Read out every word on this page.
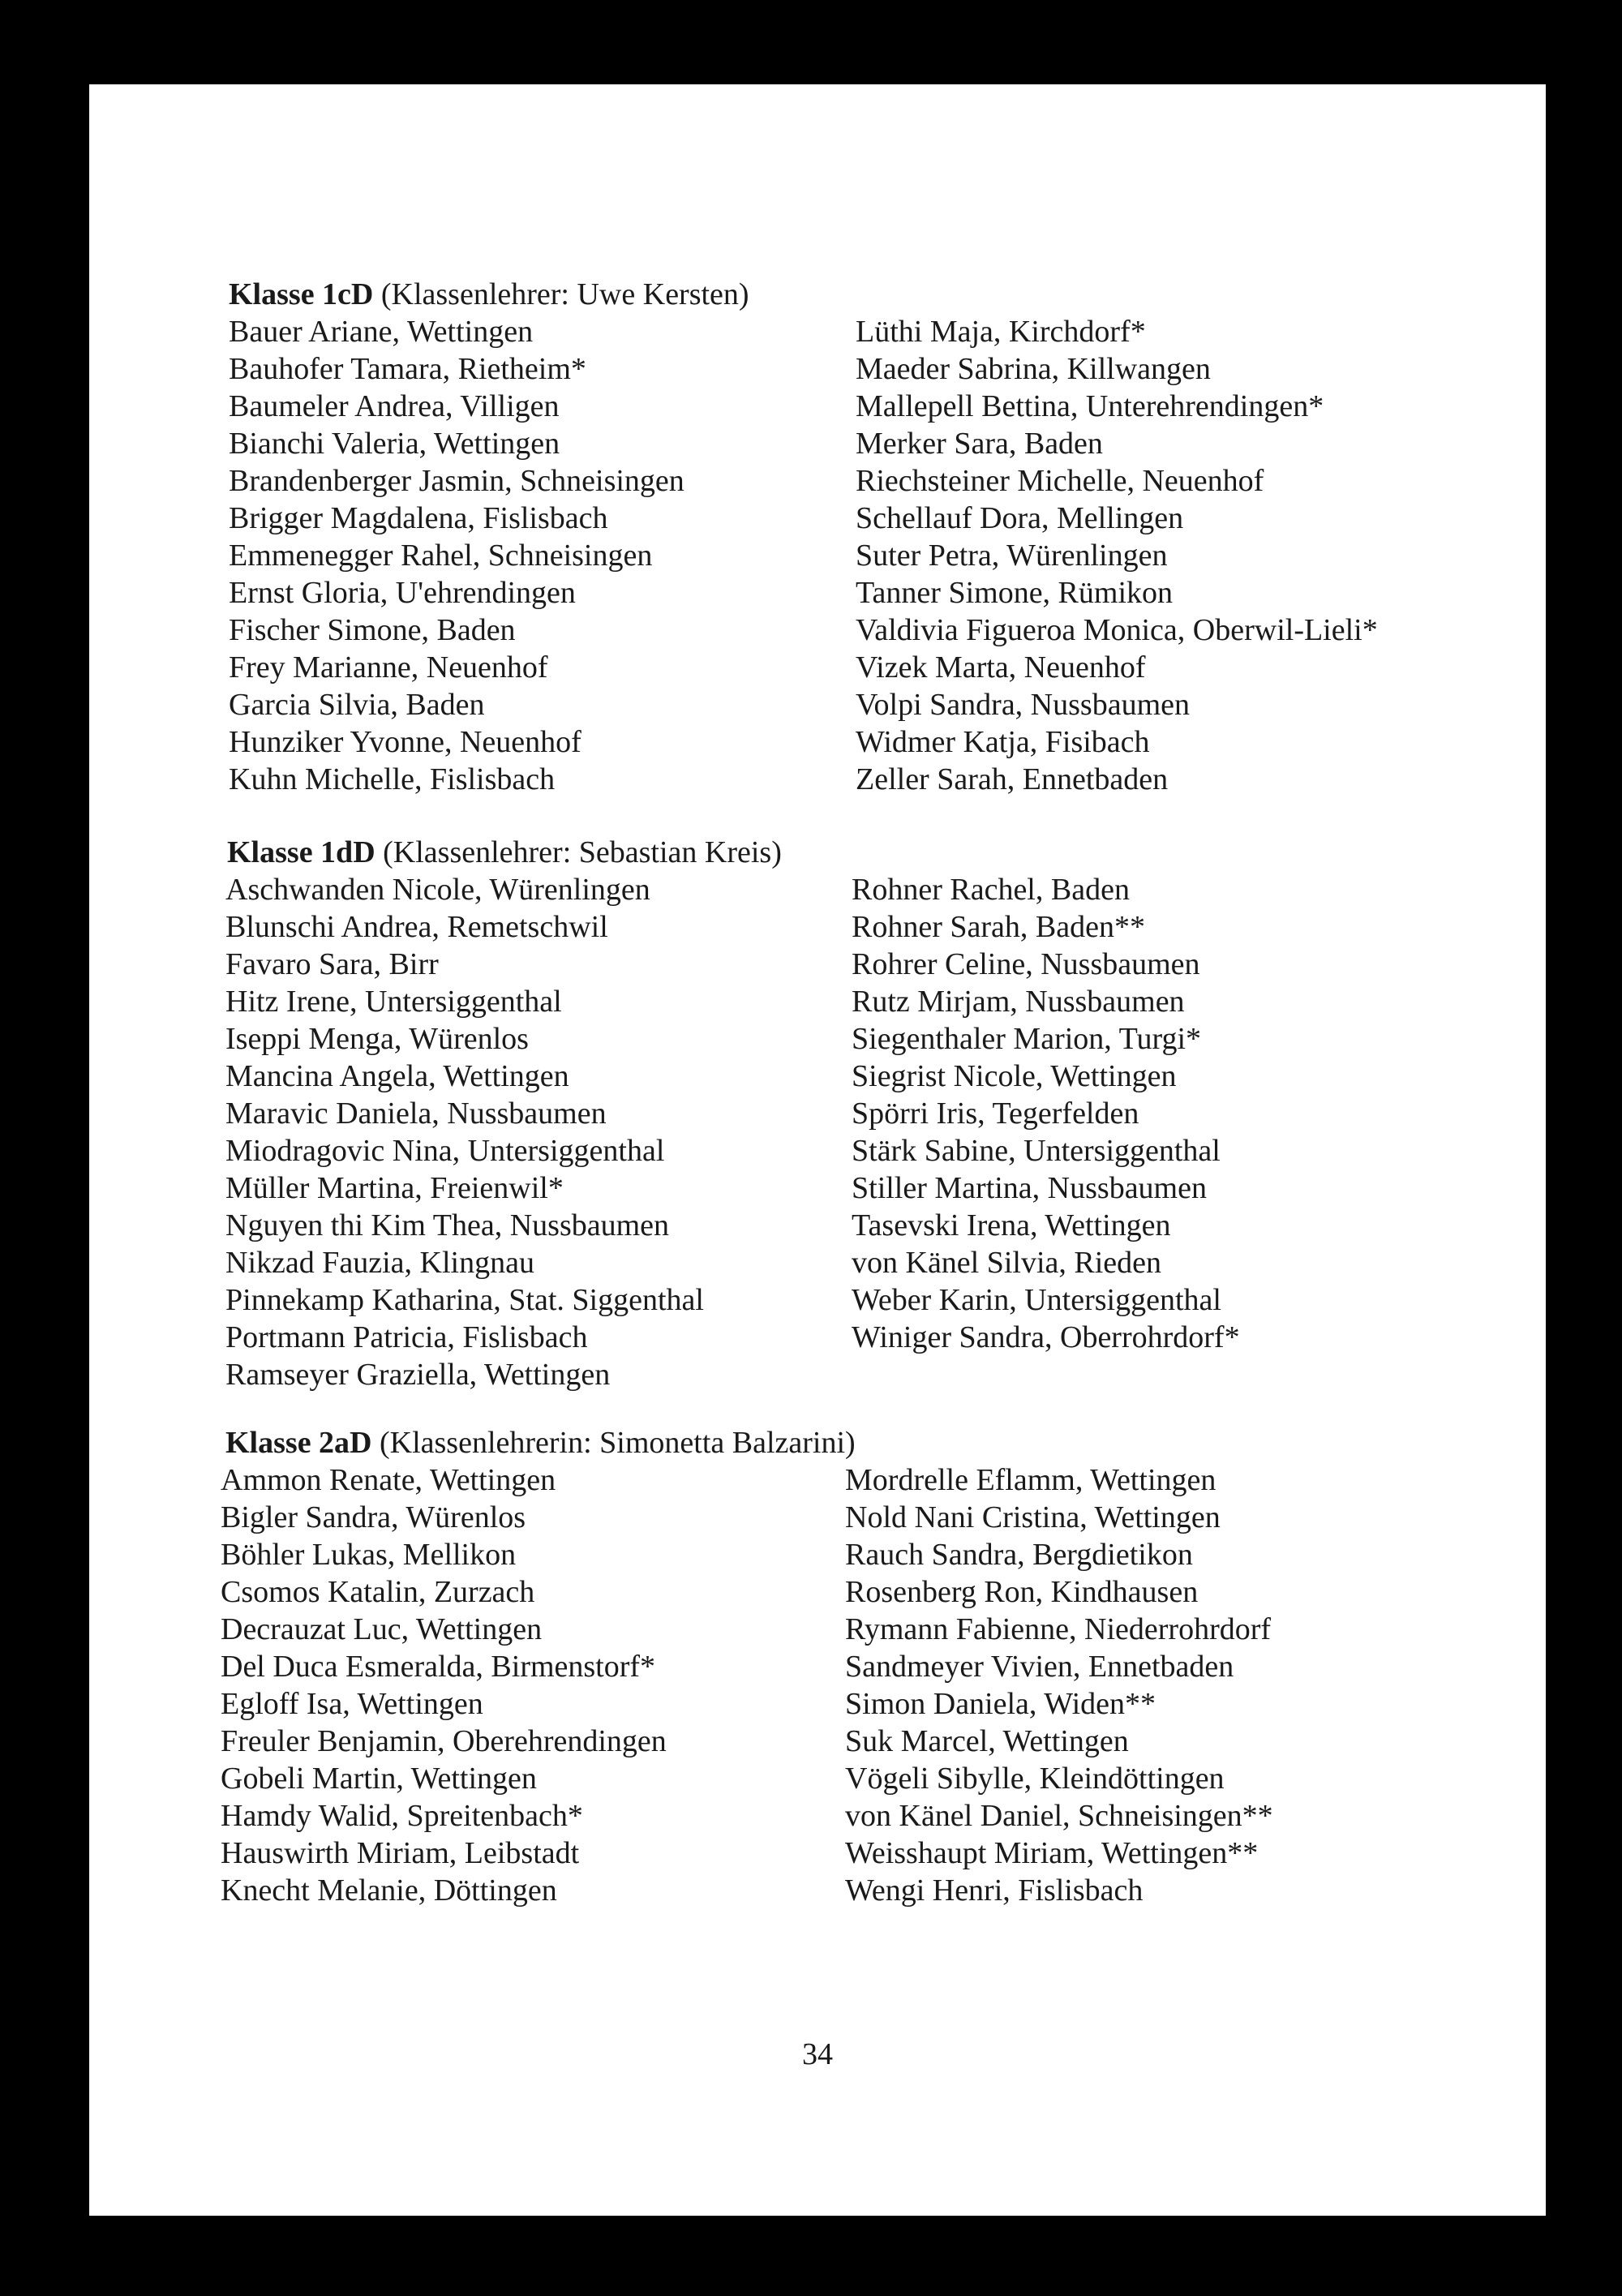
Klasse 1cD (Klassenlehrer: Uwe Kersten)
Bauer Ariane, Wettingen
Bauhofer Tamara, Rietheim*
Baumeler Andrea, Villigen
Bianchi Valeria, Wettingen
Brandenberger Jasmin, Schneisingen
Brigger Magdalena, Fislisbach
Emmenegger Rahel, Schneisingen
Ernst Gloria, U'ehrendingen
Fischer Simone, Baden
Frey Marianne, Neuenhof
Garcia Silvia, Baden
Hunziker Yvonne, Neuenhof
Kuhn Michelle, Fislisbach
Lüthi Maja, Kirchdorf*
Maeder Sabrina, Killwangen
Mallepell Bettina, Unterehrendingen*
Merker Sara, Baden
Riechsteiner Michelle, Neuenhof
Schellauf Dora, Mellingen
Suter Petra, Würenlingen
Tanner Simone, Rümikon
Valdivia Figueroa Monica, Oberwil-Lieli*
Vizek Marta, Neuenhof
Volpi Sandra, Nussbaumen
Widmer Katja, Fisibach
Zeller Sarah, Ennetbaden
Klasse 1dD (Klassenlehrer: Sebastian Kreis)
Aschwanden Nicole, Würenlingen
Blunschi Andrea, Remetschwil
Favaro Sara, Birr
Hitz Irene, Untersiggenthal
Iseppi Menga, Würenlos
Mancina Angela, Wettingen
Maravic Daniela, Nussbaumen
Miodragovic Nina, Untersiggenthal
Müller Martina, Freienwil*
Nguyen thi Kim Thea, Nussbaumen
Nikzad Fauzia, Klingnau
Pinnekamp Katharina, Stat. Siggenthal
Portmann Patricia, Fislisbach
Ramseyer Graziella, Wettingen
Rohner Rachel, Baden
Rohner Sarah, Baden**
Rohrer Celine, Nussbaumen
Rutz Mirjam, Nussbaumen
Siegenthaler Marion, Turgi*
Siegrist Nicole, Wettingen
Spörri Iris, Tegerfelden
Stärk Sabine, Untersiggenthal
Stiller Martina, Nussbaumen
Tasevski Irena, Wettingen
von Känel Silvia, Rieden
Weber Karin, Untersiggenthal
Winiger Sandra, Oberrohrdorf*
Klasse 2aD (Klassenlehrerin: Simonetta Balzarini)
Ammon Renate, Wettingen
Bigler Sandra, Würenlos
Böhler Lukas, Mellikon
Csomos Katalin, Zurzach
Decrauzat Luc, Wettingen
Del Duca Esmeralda, Birmenstorf*
Egloff Isa, Wettingen
Freuler Benjamin, Oberehrendingen
Gobeli Martin, Wettingen
Hamdy Walid, Spreitenbach*
Hauswirth Miriam, Leibstadt
Knecht Melanie, Döttingen
Mordrelle Eflamm, Wettingen
Nold Nani Cristina, Wettingen
Rauch Sandra, Bergdietikon
Rosenberg Ron, Kindhausen
Rymann Fabienne, Niederrohrdorf
Sandmeyer Vivien, Ennetbaden
Simon Daniela, Widen**
Suk Marcel, Wettingen
Vögeli Sibylle, Kleindöttingen
von Känel Daniel, Schneisingen**
Weisshaupt Miriam, Wettingen**
Wengi Henri, Fislisbach
34
